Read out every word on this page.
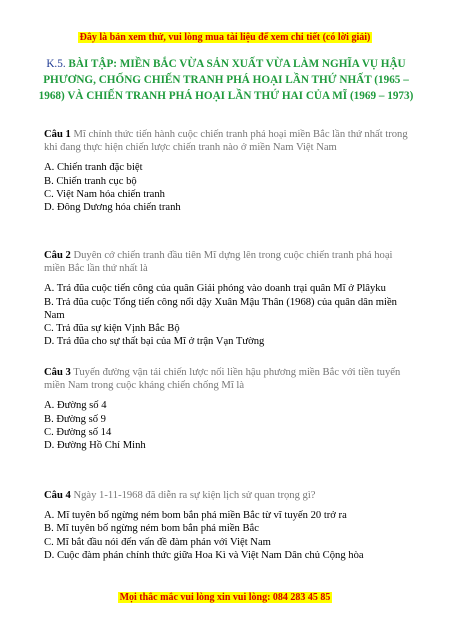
Đây là bản xem thử, vui lòng mua tài liệu để xem chi tiết (có lời giải)
K.5. BÀI TẬP: MIỀN BẮC VỪA SẢN XUẤT VỪA LÀM NGHĨA VỤ HẬU PHƯƠNG, CHỐNG CHIẾN TRANH PHÁ HOẠI LẦN THỨ NHẤT (1965 – 1968) VÀ CHIẾN TRANH PHÁ HOẠI LẦN THỨ HAI CỦA MĨ (1969 – 1973)
Câu 1 Mĩ chính thức tiến hành cuộc chiến tranh phá hoại miền Bắc lần thứ nhất trong khi đang thực hiện chiến lược chiến tranh nào ở miền Nam Việt Nam
A. Chiến tranh đặc biệt
B. Chiến tranh cục bộ
C. Việt Nam hóa chiến tranh
D. Đông Dương hóa chiến tranh
Câu 2 Duyên cớ chiến tranh đầu tiên Mĩ dựng lên trong cuộc chiến tranh phá hoại miền Bắc lần thứ nhất là
A. Trả đũa cuộc tiến công của quân Giải phóng vào doanh trại quân Mĩ ở Plâyku
B. Trả đũa cuộc Tổng tiến công nổi dậy Xuân Mậu Thân (1968) của quân dân miền Nam
C. Trả đũa sự kiện Vịnh Bắc Bộ
D. Trả đũa cho sự thất bại của Mĩ ở trận Vạn Tường
Câu 3 Tuyến đường vận tải chiến lược nối liền hậu phương miền Bắc với tiền tuyến miền Nam trong cuộc kháng chiến chống Mĩ là
A. Đường số 4
B. Đường số 9
C. Đường số 14
D. Đường Hồ Chí Minh
Câu 4 Ngày 1-11-1968 đã diễn ra sự kiện lịch sử quan trọng gì?
A. Mĩ tuyên bố ngừng ném bom bắn phá miền Bắc từ vĩ tuyến 20 trở ra
B. Mĩ tuyên bố ngừng ném bom bắn phá miền Bắc
C. Mĩ bắt đầu nói đến vấn đề đàm phán với Việt Nam
D. Cuộc đàm phán chính thức giữa Hoa Kì và Việt Nam Dân chủ Cộng hòa
Mọi thắc mắc vui lòng xin vui lòng: 084 283 45 85
